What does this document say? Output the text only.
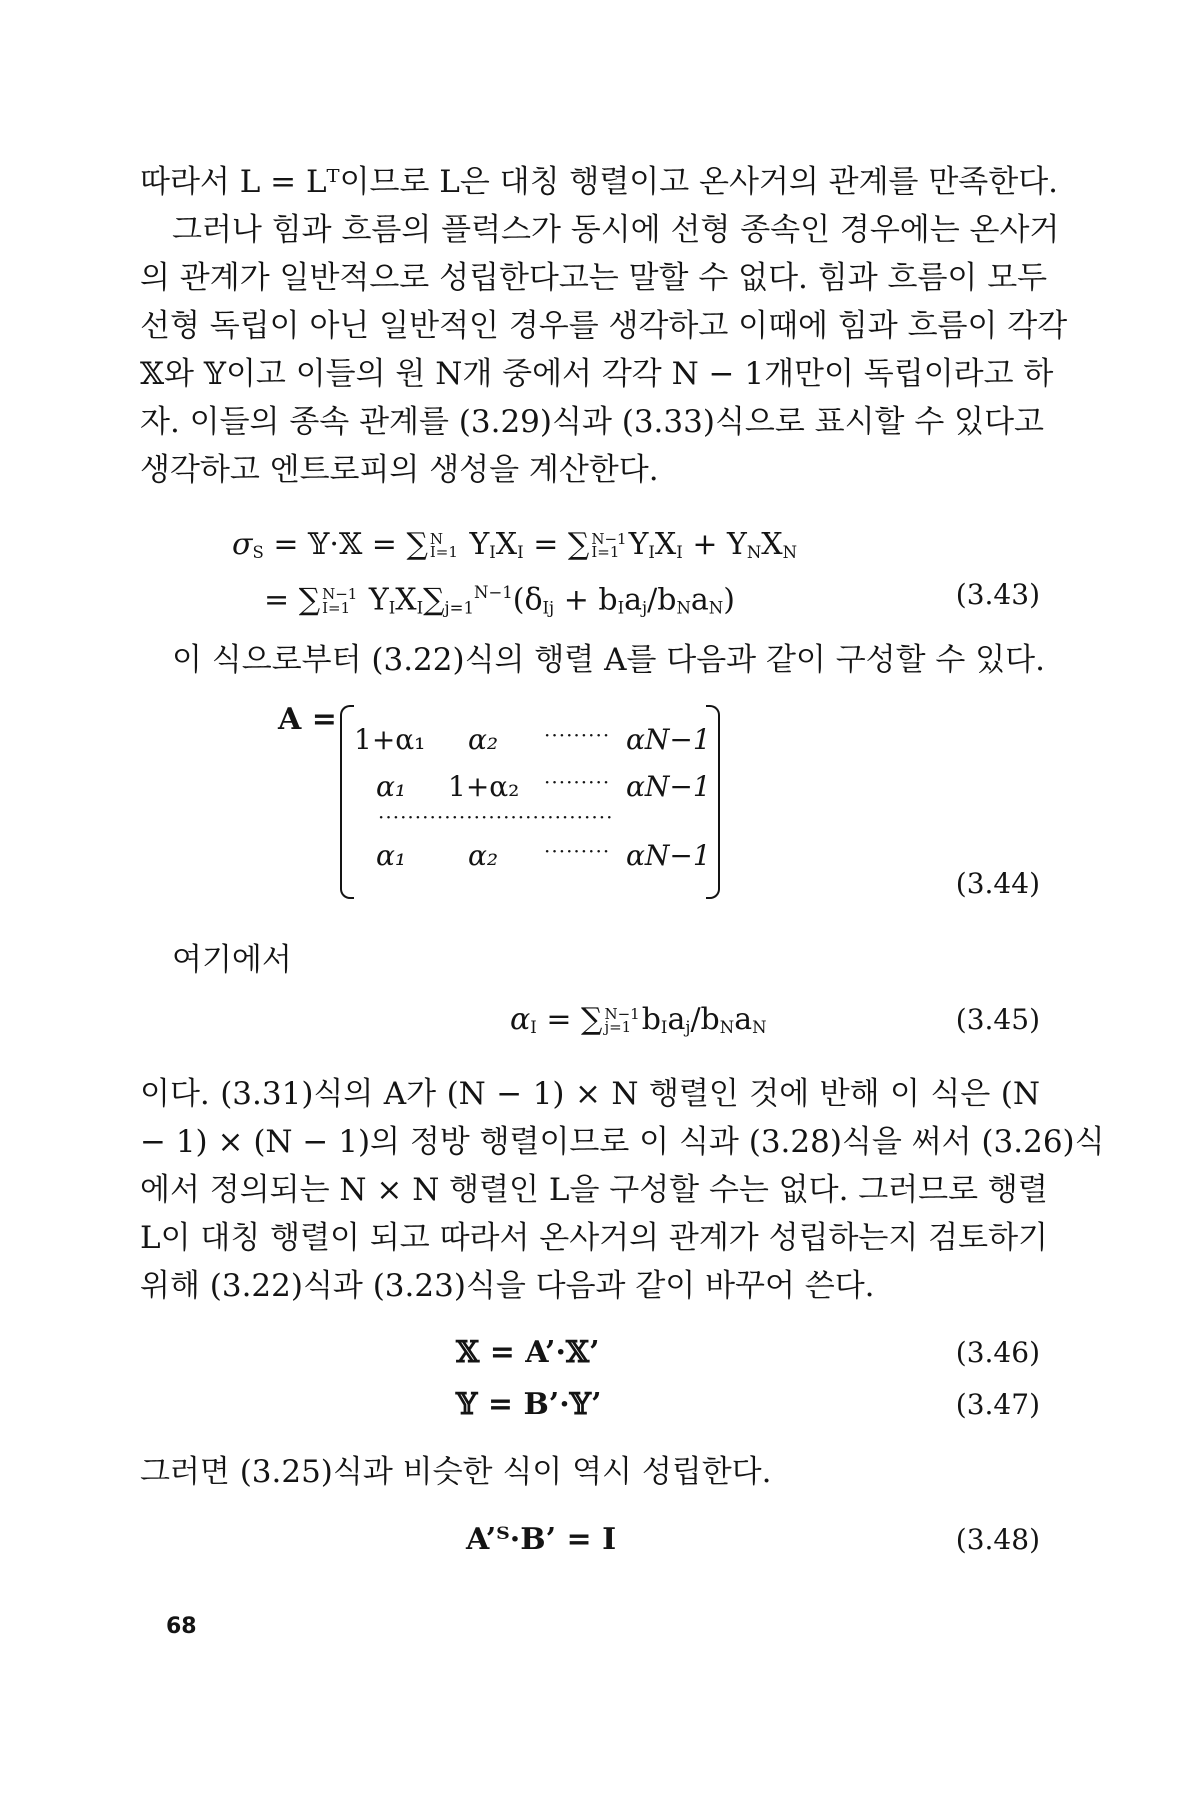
따라서 L = Lᵀ이므로 L은 대칭 행렬이고 온사거의 관계를 만족한다.
그러나 힘과 흐름의 플럭스가 동시에 선형 종속인 경우에는 온사거
의 관계가 일반적으로 성립한다고는 말할 수 없다. 힘과 흐름이 모두
선형 독립이 아닌 일반적인 경우를 생각하고 이때에 힘과 흐름이 각각
𝕏와 𝕐이고 이들의 원 N개 중에서 각각 N − 1개만이 독립이라고 하
자. 이들의 종속 관계를 (3.29)식과 (3.33)식으로 표시할 수 있다고
생각하고 엔트로피의 생성을 계산한다.
$\sigma_S$ = 𝕐·𝕏 = ∑ N
I=1 $Y_IX_I$ = ∑ N−1
I=1 $Y_IX_I + Y_NX_N$
= ∑ N−1
I=1 $Y_IX_I\sum_{j=1}^{N-1}(\delta_{Ij} + b_Ia_j/b_Na_N)$	(3.43)
이 식으로부터 (3.22)식의 행렬 A를 다음과 같이 구성할 수 있다.
A =
1+α₁ α₂ ········· αN−1
α₁ 1+α₂ ········· αN−1
································
α₁ α₂ ········· αN−1
(3.44)
여기에서
$\alpha_I$ = ∑ N−1
j=1 $b_Ia_j/b_Na_N$	(3.45)
이다. (3.31)식의 A가 (N − 1) × N 행렬인 것에 반해 이 식은 (N
− 1) × (N − 1)의 정방 행렬이므로 이 식과 (3.28)식을 써서 (3.26)식
에서 정의되는 N × N 행렬인 L을 구성할 수는 없다. 그러므로 행렬
L이 대칭 행렬이 되고 따라서 온사거의 관계가 성립하는지 검토하기
위해 (3.22)식과 (3.23)식을 다음과 같이 바꾸어 쓴다.
𝕏 = A’·𝕏’	(3.46)
𝕐 = B’·𝕐’	(3.47)
그러면 (3.25)식과 비슷한 식이 역시 성립한다.
A’ᵀ·B’ = I	(3.48)
68
